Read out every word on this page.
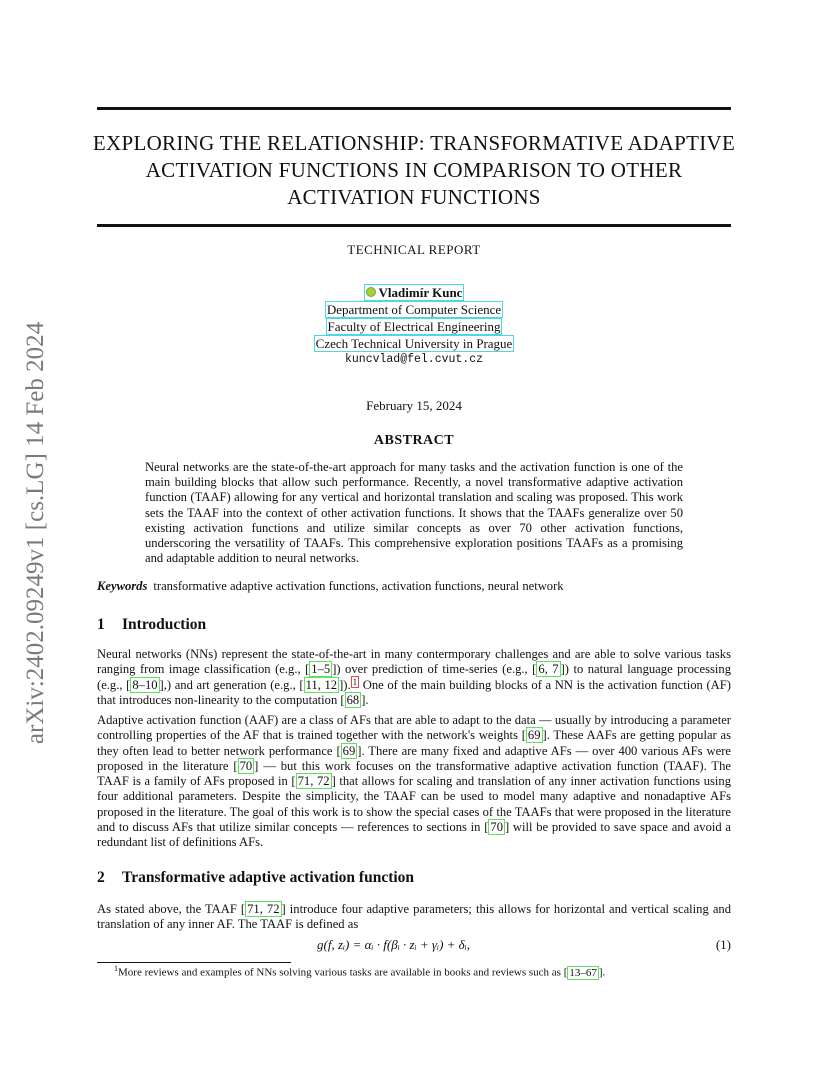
arXiv:2402.09249v1 [cs.LG] 14 Feb 2024
EXPLORING THE RELATIONSHIP: TRANSFORMATIVE ADAPTIVE
ACTIVATION FUNCTIONS IN COMPARISON TO OTHER
ACTIVATION FUNCTIONS
TECHNICAL REPORT
Vladimír Kunc
Department of Computer Science
Faculty of Electrical Engineering
Czech Technical University in Prague
kuncvlad@fel.cvut.cz
February 15, 2024
ABSTRACT
Neural networks are the state-of-the-art approach for many tasks and the activation function is one of the main building blocks that allow such performance. Recently, a novel transformative adaptive activation function (TAAF) allowing for any vertical and horizontal translation and scaling was proposed. This work sets the TAAF into the context of other activation functions. It shows that the TAAFs generalize over 50 existing activation functions and utilize similar concepts as over 70 other activation functions, underscoring the versatility of TAAFs. This comprehensive exploration positions TAAFs as a promising and adaptable addition to neural networks.
Keywords transformative adaptive activation functions, activation functions, neural network
1 Introduction
Neural networks (NNs) represent the state-of-the-art in many contermporary challenges and are able to solve various tasks ranging from image classification (e.g., [ 1–5 ]) over prediction of time-series (e.g., [ 6, 7 ]) to natural language processing (e.g., [ 8–10 ],) and art generation (e.g., [ 11, 12 ]). $^1$ One of the main building blocks of a NN is the activation function (AF) that introduces non-linearity to the computation [ 68 ].
Adaptive activation function (AAF) are a class of AFs that are able to adapt to the data — usually by introducing a parameter controlling properties of the AF that is trained together with the network's weights [ 69 ]. These AAFs are getting popular as they often lead to better network performance [ 69 ]. There are many fixed and adaptive AFs — over 400 various AFs were proposed in the literature [ 70 ] — but this work focuses on the transformative adaptive activation function (TAAF). The TAAF is a family of AFs proposed in [ 71, 72 ] that allows for scaling and translation of any inner activation functions using four additional parameters. Despite the simplicity, the TAAF can be used to model many adaptive and nonadaptive AFs proposed in the literature. The goal of this work is to show the special cases of the TAAFs that were proposed in the literature and to discuss AFs that utilize similar concepts — references to sections in [ 70 ] will be provided to save space and avoid a redundant list of definitions AFs.
2 Transformative adaptive activation function
As stated above, the TAAF [ 71, 72 ] introduce four adaptive parameters; this allows for horizontal and vertical scaling and translation of any inner AF. The TAAF is defined as
g(f, zᵢ) = αᵢ · f(βᵢ · zᵢ + γᵢ) + δᵢ,	(1)
$^1$More reviews and examples of NNs solving various tasks are available in books and reviews such as [ 13–67 ].
